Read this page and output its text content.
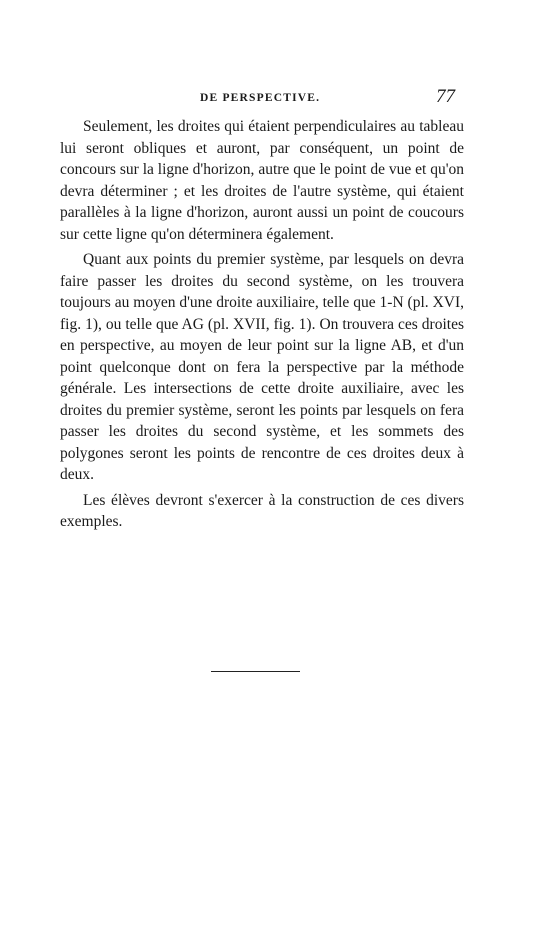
DE PERSPECTIVE.	77

Seulement, les droites qui étaient perpendiculaires au tableau lui seront obliques et auront, par conséquent, un point de concours sur la ligne d'horizon, autre que le point de vue et qu'on devra déterminer ; et les droites de l'autre système, qui étaient parallèles à la ligne d'horizon, auront aussi un point de coucours sur cette ligne qu'on déterminera également.

Quant aux points du premier système, par lesquels on devra faire passer les droites du second système, on les trouvera toujours au moyen d'une droite auxiliaire, telle que 1-N (pl. XVI, fig. 1), ou telle que AG (pl. XVII, fig. 1). On trouvera ces droites en perspective, au moyen de leur point sur la ligne AB, et d'un point quelconque dont on fera la perspective par la méthode générale. Les intersections de cette droite auxiliaire, avec les droites du premier système, seront les points par lesquels on fera passer les droites du second système, et les sommets des polygones seront les points de rencontre de ces droites deux à deux.

Les élèves devront s'exercer à la construction de ces divers exemples.
